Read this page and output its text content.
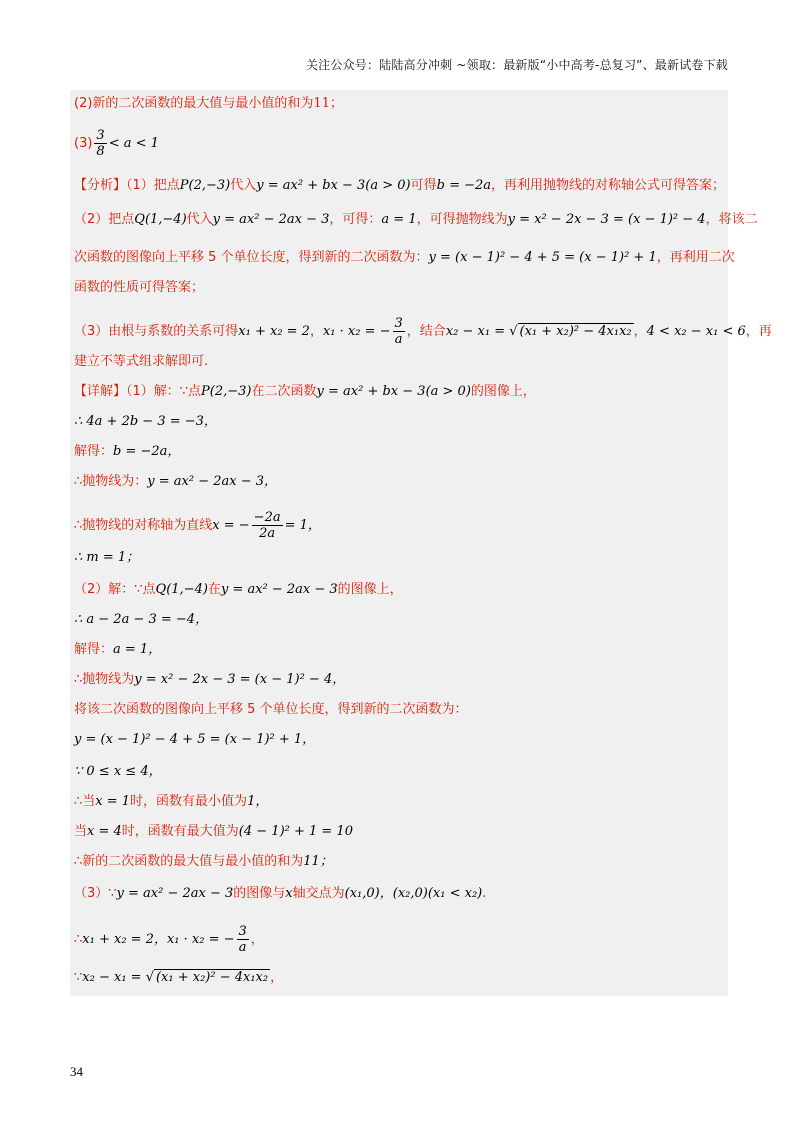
关注公众号：陆陆高分冲刺 ~领取：最新版“小中高考-总复习”、最新试卷下载
(2)新的二次函数的最大值与最小值的和为11；
$(3) \frac{3}{8} < a < 1$
【分析】（1）把点P(2,−3)代入y = ax² + bx − 3(a > 0)可得b = −2a，再利用抛物线的对称轴公式可得答案；
（2）把点Q(1,−4)代入y = ax² − 2ax − 3，可得：a = 1，可得抛物线为y = x² − 2x − 3 = (x − 1)² − 4，将该二
次函数的图像向上平移 5 个单位长度，得到新的二次函数为：y = (x − 1)² − 4 + 5 = (x − 1)² + 1，再利用二次
函数的性质可得答案；
（3）由根与系数的关系可得x₁ + x₂ = 2，x₁ · x₂ = − $\frac{3}{a}$ ，结合x₂ − x₁ = √ (x₁ + x₂)² − 4x₁x₂ ，4 < x₂ − x₁ < 6，再
建立不等式组求解即可.
【详解】（1）解：∵点P(2,−3)在二次函数y = ax² + bx − 3(a > 0)的图像上，
∴ 4a + 2b − 3 = −3，
解得：b = −2a，
∴抛物线为：y = ax² − 2ax − 3，
∴抛物线的对称轴为直线x = − $\frac{-2a}{2a} = 1$，
∴ m = 1；
（2）解：∵点Q(1,−4)在y = ax² − 2ax − 3的图像上，
∴ a − 2a − 3 = −4，
解得：a = 1，
∴抛物线为y = x² − 2x − 3 = (x − 1)² − 4，
将该二次函数的图像向上平移 5 个单位长度，得到新的二次函数为：
y = (x − 1)² − 4 + 5 = (x − 1)² + 1，
∵ 0 ≤ x ≤ 4，
∴当x = 1时，函数有最小值为1，
当x = 4时，函数有最大值为(4 − 1)² + 1 = 10
∴新的二次函数的最大值与最小值的和为11；
（3）∵y = ax² − 2ax − 3的图像与x轴交点为(x₁,0)，(x₂,0)(x₁ < x₂).
∴x₁ + x₂ = 2，x₁ · x₂ = − $\frac{3}{a}$ ，
∵x₂ − x₁ = √ (x₁ + x₂)² − 4x₁x₂ ，
34
